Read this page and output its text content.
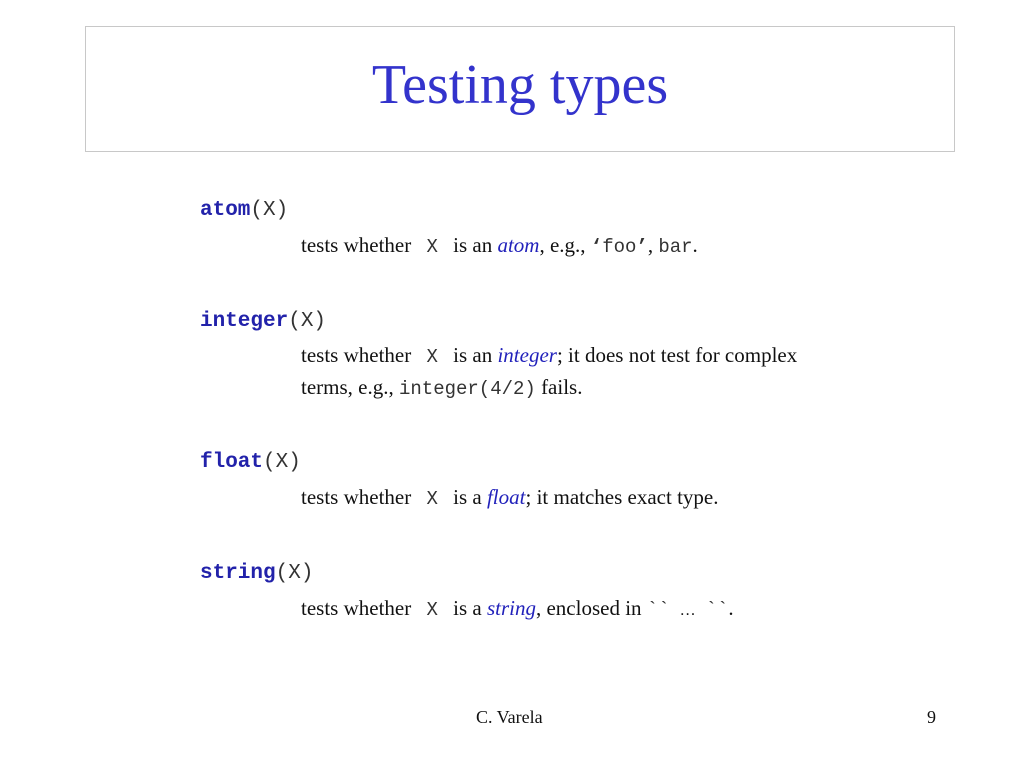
Testing types
atom(X)
tests whether X is an atom, e.g., ‘foo’, bar.
integer(X)
tests whether X is an integer; it does not test for complex
terms, e.g., integer(4/2) fails.
float(X)
tests whether X is a float; it matches exact type.
string(X)
tests whether X is a string, enclosed in `` … ``.
C. Varela	9
